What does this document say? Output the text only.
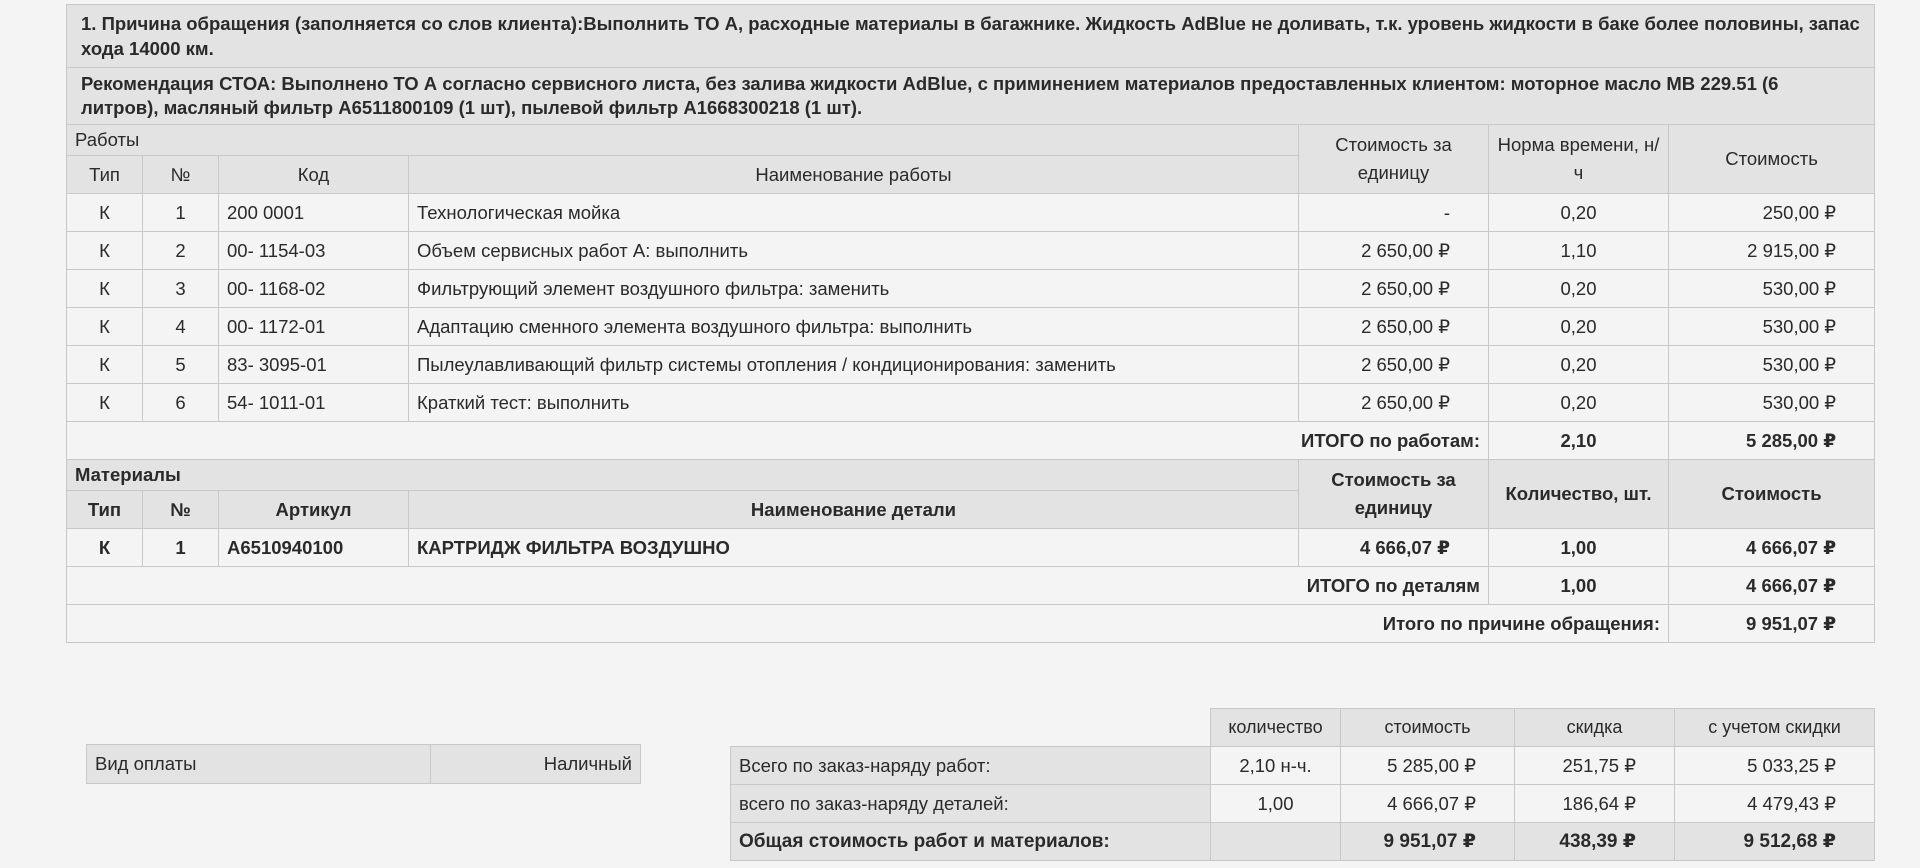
1. Причина обращения (заполняется со слов клиента):Выполнить ТО А, расходные материалы в багажнике. Жидкость AdBlue не доливать, т.к. уровень жидкости в баке более половины, запас хода 14000 км.						
Рекомендация СТОА: Выполнено ТО А согласно сервисного листа, без залива жидкости AdBlue, с приминением материалов предоставленных клиентом: моторное масло MB 229.51 (6 литров), масляный фильтр A6511800109 (1 шт), пылевой фильтр A1668300218 (1 шт).						
Работы				Стоимость за единицу	Норма времени, н/ч	Стоимость
Тип	№	Код	Наименование работы			
К	1	200 0001	Технологическая мойка	-	0,20	250,00 ₽
К	2	00- 1154-03	Объем сервисных работ А: выполнить	2 650,00 ₽	1,10	2 915,00 ₽
К	3	00- 1168-02	Фильтрующий элемент воздушного фильтра: заменить	2 650,00 ₽	0,20	530,00 ₽
К	4	00- 1172-01	Адаптацию сменного элемента воздушного фильтра: выполнить	2 650,00 ₽	0,20	530,00 ₽
К	5	83- 3095-01	Пылеулавливающий фильтр системы отопления / кондиционирования: заменить	2 650,00 ₽	0,20	530,00 ₽
К	6	54- 1011-01	Краткий тест: выполнить	2 650,00 ₽	0,20	530,00 ₽
ИТОГО по работам:					2,10	5 285,00 ₽
Материалы				Стоимость за единицу	Количество, шт.	Стоимость
Тип	№	Артикул	Наименование детали			
К	1	A6510940100	КАРТРИДЖ ФИЛЬТРА ВОЗДУШНО	4 666,07 ₽	1,00	4 666,07 ₽
ИТОГО по деталям					1,00	4 666,07 ₽
Итого по причине обращения:						9 951,07 ₽
Вид оплаты	Наличный
	количество	стоимость	скидка	с учетом скидки
Всего по заказ-наряду работ:	2,10 н-ч.	5 285,00 ₽	251,75 ₽	5 033,25 ₽
всего по заказ-наряду деталей:	1,00	4 666,07 ₽	186,64 ₽	4 479,43 ₽
Общая стоимость работ и материалов:		9 951,07 ₽	438,39 ₽	9 512,68 ₽
